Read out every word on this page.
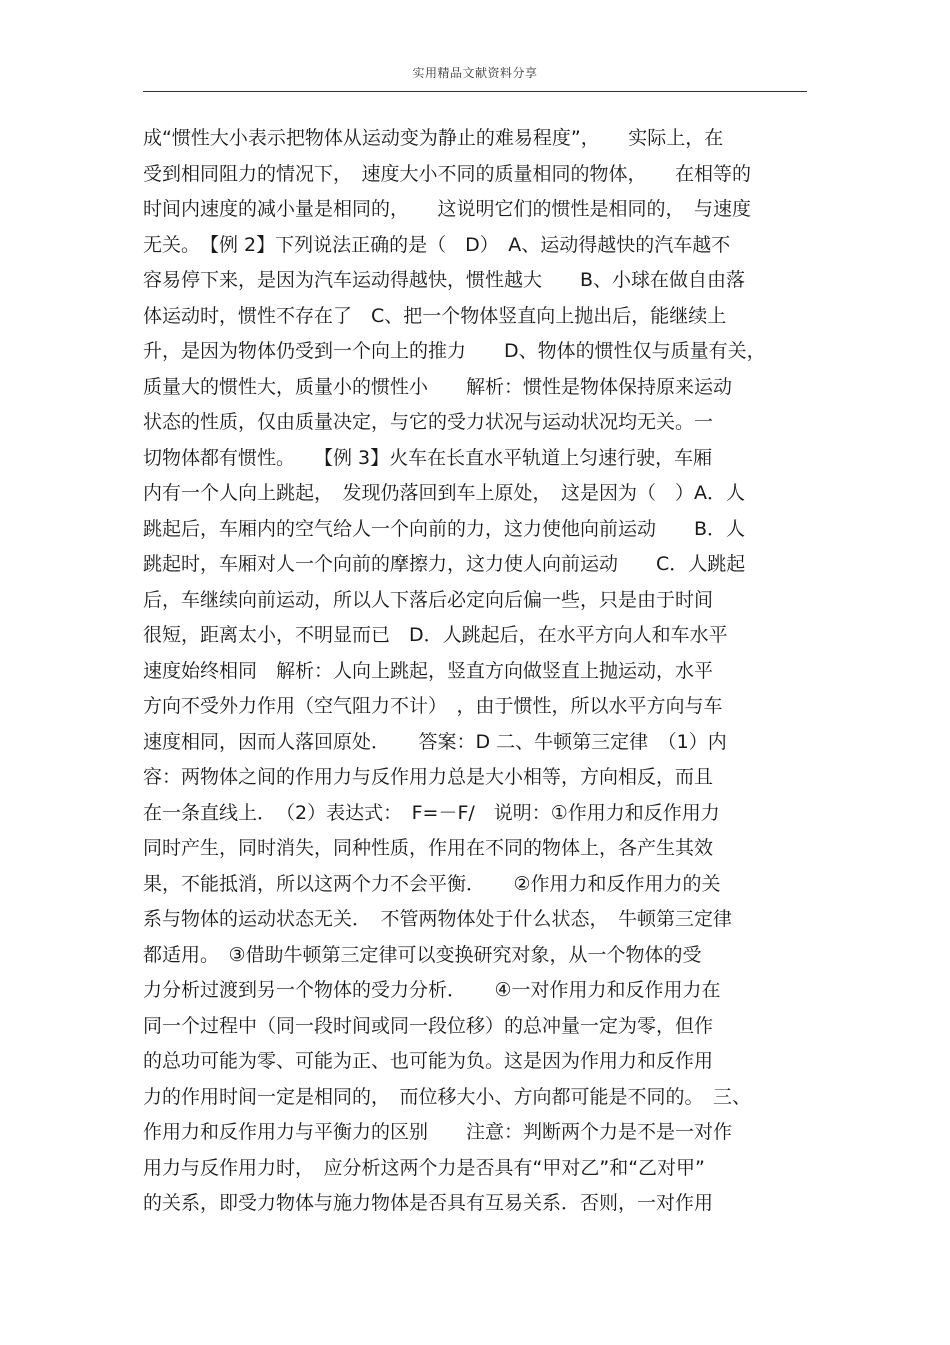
实用精品文献资料分享
成“惯性大小表示把物体从运动变为静止的难易程度”，　　实际上，在
受到相同阻力的情况下，　速度大小不同的质量相同的物体，　　在相等的
时间内速度的减小量是相同的，　　这说明它们的惯性是相同的，　与速度
无关。　【例 2】下列说法正确的是（　D）　A、运动得越快的汽车越不
容易停下来，是因为汽车运动得越快，惯性越大　　B、小球在做自由落
体运动时，惯性不存在了　C、把一个物体竖直向上抛出后，能继续上
升，是因为物体仍受到一个向上的推力　　D、物体的惯性仅与质量有关，
质量大的惯性大，质量小的惯性小　　解析：惯性是物体保持原来运动
状态的性质，仅由质量决定，与它的受力状况与运动状况均无关。一
切物体都有惯性。　　【例 3】火车在长直水平轨道上匀速行驶，车厢
内有一个人向上跳起，　发现仍落回到车上原处，　这是因为（　）A．人
跳起后，车厢内的空气给人一个向前的力，这力使他向前运动　　B．人
跳起时，车厢对人一个向前的摩擦力，这力使人向前运动　　C．人跳起
后，车继续向前运动，所以人下落后必定向后偏一些，只是由于时间
很短，距离太小，不明显而已　D．人跳起后，在水平方向人和车水平
速度始终相同　解析：人向上跳起，竖直方向做竖直上抛运动，水平
方向不受外力作用（空气阻力不计）　，由于惯性，所以水平方向与车
速度相同，因而人落回原处．　　答案：D 二、牛顿第三定律　（1）内
容：两物体之间的作用力与反作用力总是大小相等，方向相反，而且
在一条直线上．　（2）表达式：　F=－F/　说明：①作用力和反作用力
同时产生，同时消失，同种性质，作用在不同的物体上，各产生其效
果，不能抵消，所以这两个力不会平衡．　　②作用力和反作用力的关
系与物体的运动状态无关．　不管两物体处于什么状态，　牛顿第三定律
都适用。　③借助牛顿第三定律可以变换研究对象，从一个物体的受
力分析过渡到另一个物体的受力分析．　　④一对作用力和反作用力在
同一个过程中（同一段时间或同一段位移）的总冲量一定为零，但作
的总功可能为零、可能为正、也可能为负。这是因为作用力和反作用
力的作用时间一定是相同的，　而位移大小、方向都可能是不同的。　三、
作用力和反作用力与平衡力的区别　　注意：判断两个力是不是一对作
用力与反作用力时，　应分析这两个力是否具有“甲对乙”和“乙对甲”
的关系，即受力物体与施力物体是否具有互易关系．否则，一对作用
